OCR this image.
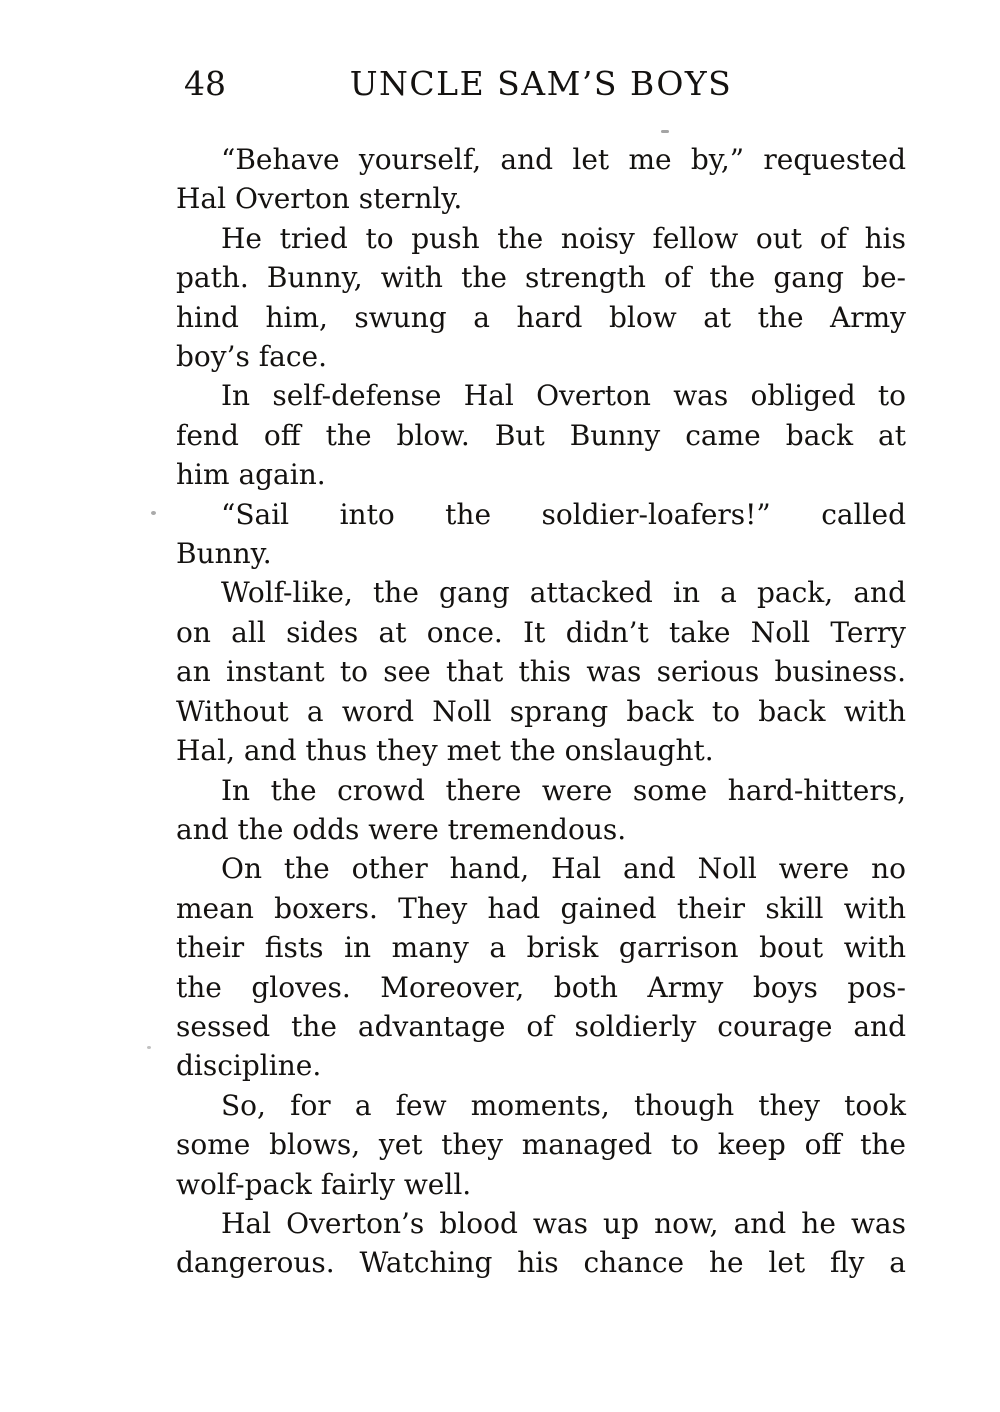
48	UNCLE SAM’S BOYS

“Behave yourself, and let me by,” requested
Hal Overton sternly.

He tried to push the noisy fellow out of his
path. Bunny, with the strength of the gang be-
hind him, swung a hard blow at the Army
boy’s face.

In self-defense Hal Overton was obliged to
fend off the blow. But Bunny came back at
him again.

“Sail into the soldier-loafers!” called
Bunny.

Wolf-like, the gang attacked in a pack, and
on all sides at once. It didn’t take Noll Terry
an instant to see that this was serious business.
Without a word Noll sprang back to back with
Hal, and thus they met the onslaught.

In the crowd there were some hard-hitters,
and the odds were tremendous.

On the other hand, Hal and Noll were no
mean boxers. They had gained their skill with
their fists in many a brisk garrison bout with
the gloves. Moreover, both Army boys pos-
sessed the advantage of soldierly courage and
discipline.

So, for a few moments, though they took
some blows, yet they managed to keep off the
wolf-pack fairly well.

Hal Overton’s blood was up now, and he was
dangerous. Watching his chance he let fly a
